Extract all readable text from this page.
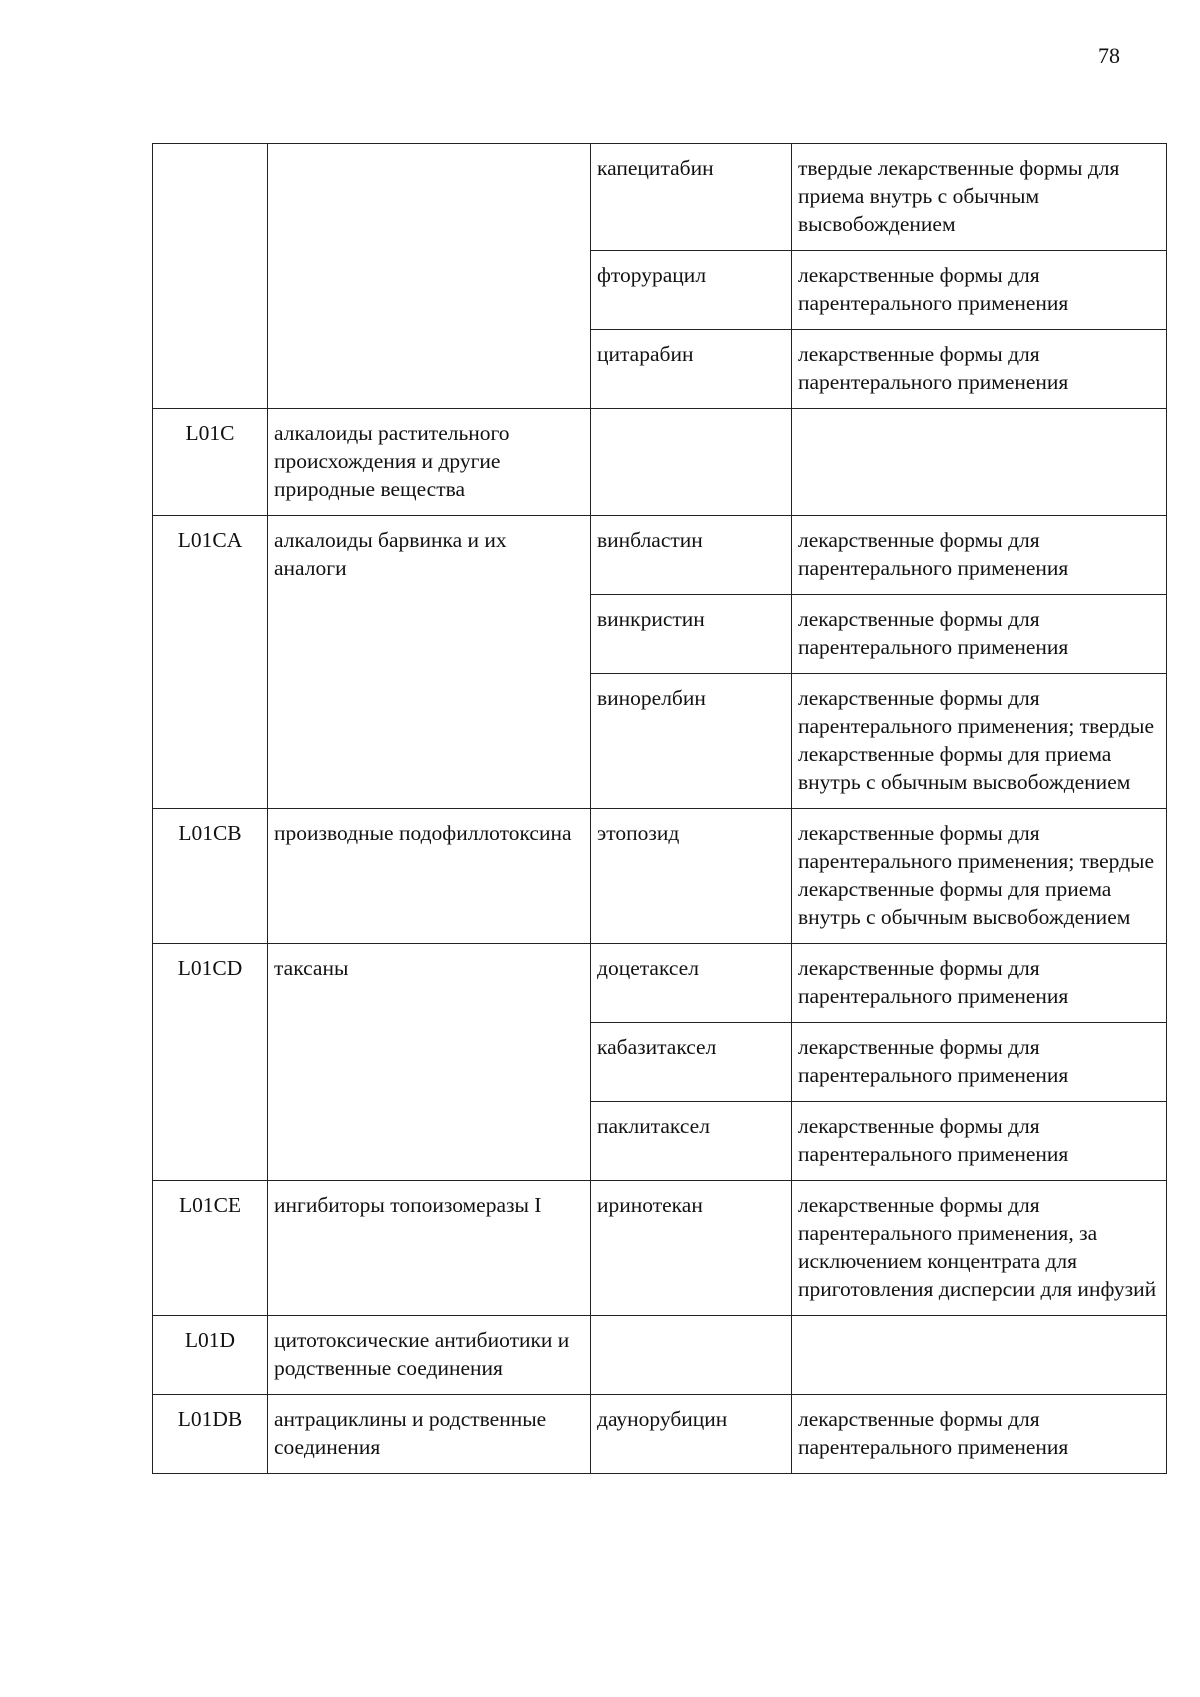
78
		капецитабин	твердые лекарственные формы для приема внутрь с обычным высвобождением
		фторурацил	лекарственные формы для парентерального применения
		цитарабин	лекарственные формы для парентерального применения
L01C	алкалоиды растительного происхождения и другие природные вещества		
L01CA	алкалоиды барвинка и их аналоги	винбластин	лекарственные формы для парентерального применения
		винкристин	лекарственные формы для парентерального применения
		винорелбин	лекарственные формы для парентерального применения; твердые лекарственные формы для приема внутрь с обычным высвобождением
L01CB	производные подофиллотоксина	этопозид	лекарственные формы для парентерального применения; твердые лекарственные формы для приема внутрь с обычным высвобождением
L01CD	таксаны	доцетаксел	лекарственные формы для парентерального применения
		кабазитаксел	лекарственные формы для парентерального применения
		паклитаксел	лекарственные формы для парентерального применения
L01CE	ингибиторы топоизомеразы I	иринотекан	лекарственные формы для парентерального применения, за исключением концентрата для приготовления дисперсии для инфузий
L01D	цитотоксические антибиотики и родственные соединения		
L01DB	антрациклины и родственные соединения	даунорубицин	лекарственные формы для парентерального применения
